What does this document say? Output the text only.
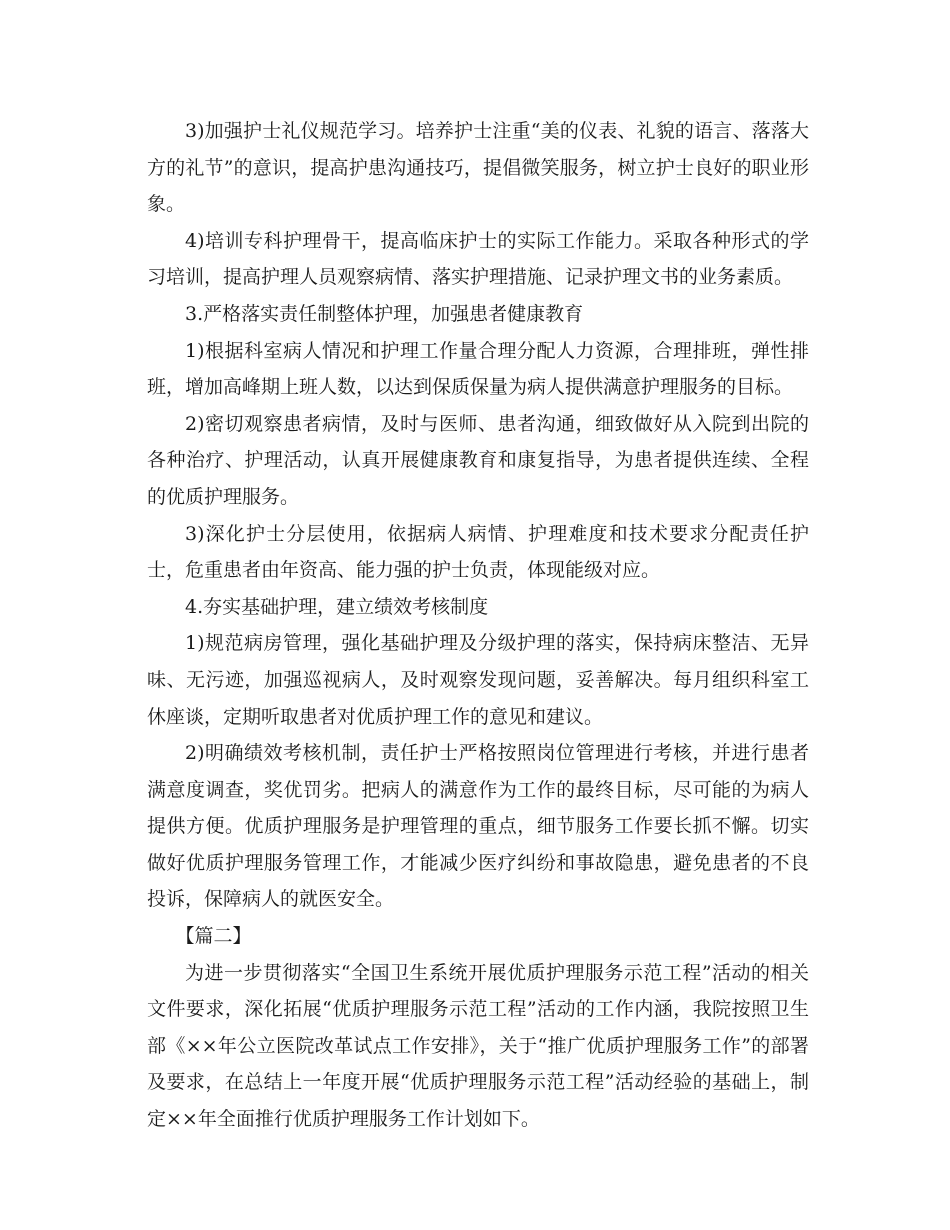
3)加强护士礼仪规范学习。培养护士注重“美的仪表、礼貌的语言、落落大方的礼节”的意识，提高护患沟通技巧，提倡微笑服务，树立护士良好的职业形象。

4)培训专科护理骨干，提高临床护士的实际工作能力。采取各种形式的学习培训，提高护理人员观察病情、落实护理措施、记录护理文书的业务素质。

3.严格落实责任制整体护理，加强患者健康教育

1)根据科室病人情况和护理工作量合理分配人力资源，合理排班，弹性排班，增加高峰期上班人数，以达到保质保量为病人提供满意护理服务的目标。

2)密切观察患者病情，及时与医师、患者沟通，细致做好从入院到出院的各种治疗、护理活动，认真开展健康教育和康复指导，为患者提供连续、全程的优质护理服务。

3)深化护士分层使用，依据病人病情、护理难度和技术要求分配责任护士，危重患者由年资高、能力强的护士负责，体现能级对应。

4.夯实基础护理，建立绩效考核制度

1)规范病房管理，强化基础护理及分级护理的落实，保持病床整洁、无异味、无污迹，加强巡视病人，及时观察发现问题，妥善解决。每月组织科室工休座谈，定期听取患者对优质护理工作的意见和建议。

2)明确绩效考核机制，责任护士严格按照岗位管理进行考核，并进行患者满意度调查，奖优罚劣。把病人的满意作为工作的最终目标，尽可能的为病人提供方便。优质护理服务是护理管理的重点，细节服务工作要长抓不懈。切实做好优质护理服务管理工作，才能减少医疗纠纷和事故隐患，避免患者的不良投诉，保障病人的就医安全。

【篇二】

为进一步贯彻落实“全国卫生系统开展优质护理服务示范工程”活动的相关文件要求，深化拓展“优质护理服务示范工程”活动的工作内涵，我院按照卫生部《××年公立医院改革试点工作安排》，关于“推广优质护理服务工作”的部署及要求，在总结上一年度开展“优质护理服务示范工程”活动经验的基础上，制定××年全面推行优质护理服务工作计划如下。
